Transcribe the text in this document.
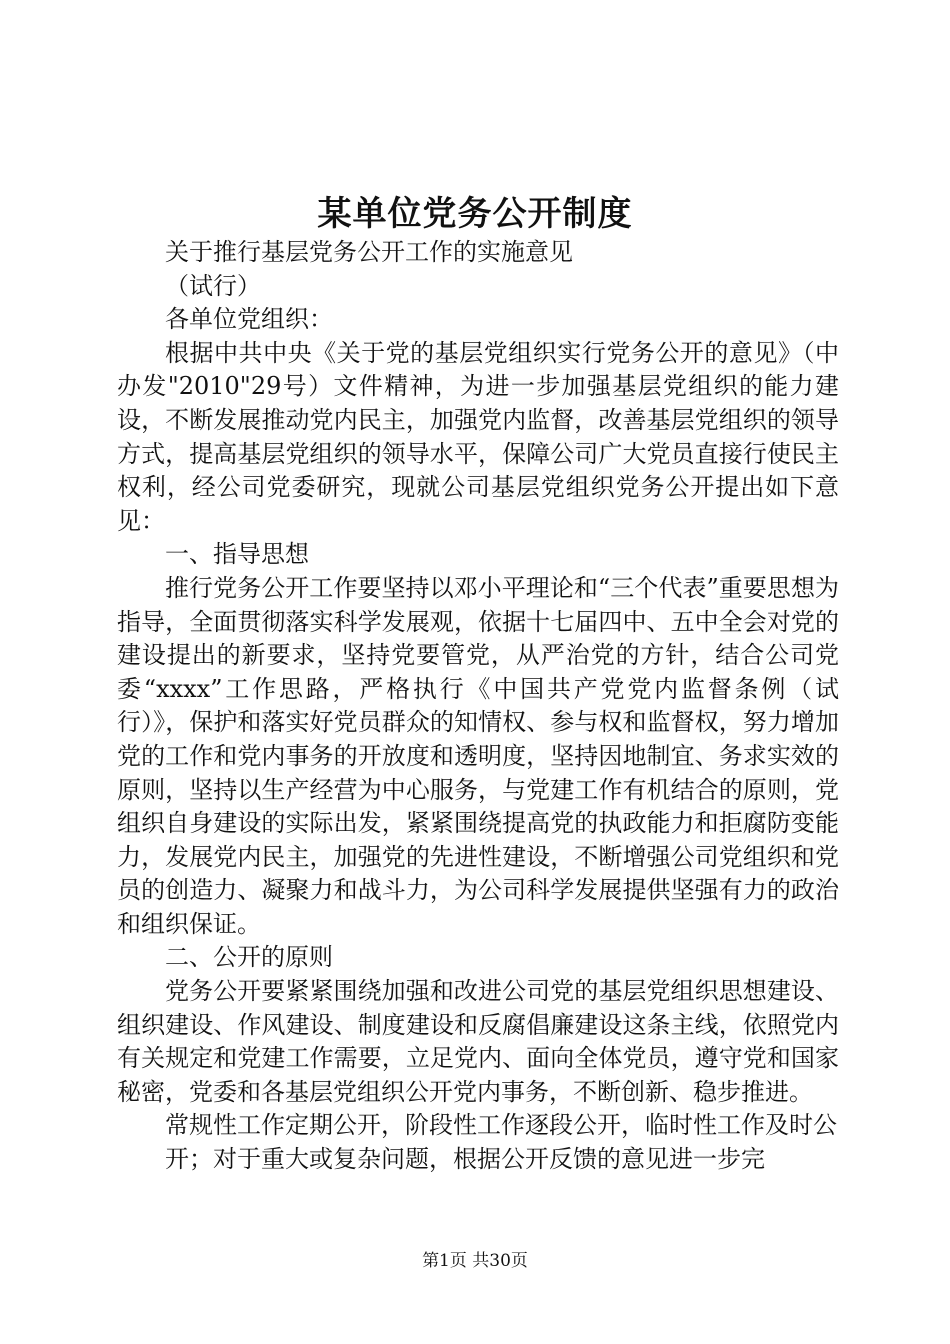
某单位党务公开制度

关于推行基层党务公开工作的实施意见

（试行）

各单位党组织：

根据中共中央《关于党的基层党组织实行党务公开的意见》（中办发"2010"29号）文件精神，为进一步加强基层党组织的能力建设，不断发展推动党内民主，加强党内监督，改善基层党组织的领导方式，提高基层党组织的领导水平，保障公司广大党员直接行使民主权利，经公司党委研究，现就公司基层党组织党务公开提出如下意见：

一、指导思想

推行党务公开工作要坚持以邓小平理论和“三个代表”重要思想为指导，全面贯彻落实科学发展观，依据十七届四中、五中全会对党的建设提出的新要求，坚持党要管党，从严治党的方针，结合公司党委“xxxx”工作思路，严格执行《中国共产党党内监督条例（试行）》，保护和落实好党员群众的知情权、参与权和监督权，努力增加党的工作和党内事务的开放度和透明度，坚持因地制宜、务求实效的原则，坚持以生产经营为中心服务，与党建工作有机结合的原则，党组织自身建设的实际出发，紧紧围绕提高党的执政能力和拒腐防变能力，发展党内民主，加强党的先进性建设，不断增强公司党组织和党员的创造力、凝聚力和战斗力，为公司科学发展提供坚强有力的政治和组织保证。

二、公开的原则

党务公开要紧紧围绕加强和改进公司党的基层党组织思想建设、组织建设、作风建设、制度建设和反腐倡廉建设这条主线，依照党内有关规定和党建工作需要，立足党内、面向全体党员，遵守党和国家秘密，党委和各基层党组织公开党内事务，不断创新、稳步推进。

常规性工作定期公开，阶段性工作逐段公开，临时性工作及时公

开；对于重大或复杂问题，根据公开反馈的意见进一步完

第1页 共30页
